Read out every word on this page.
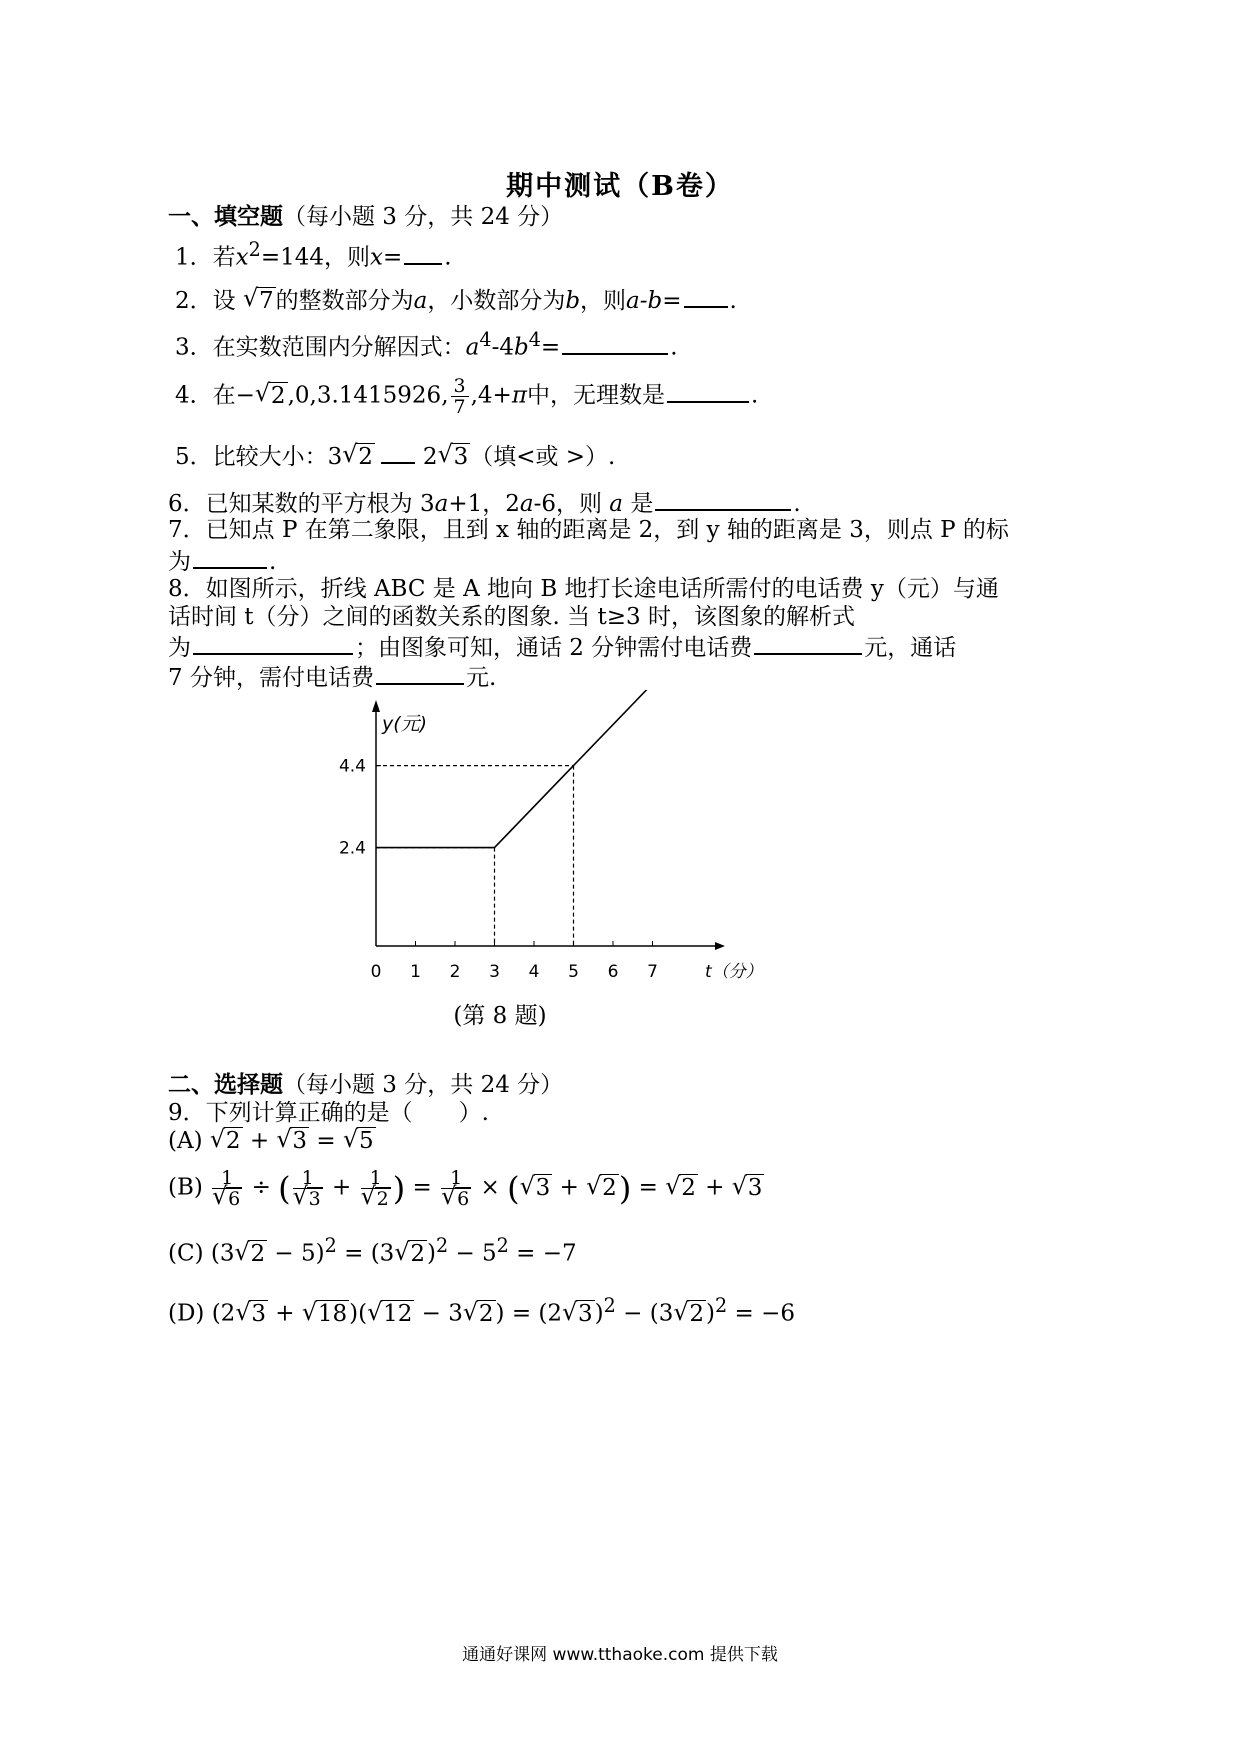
期中测试（B卷）
一、填空题（每小题 3 分，共 24 分）
1．若$x^2=144$，则x= .
2．设 √ 7的整数部分为a，小数部分为b，则a-b= .
3．在实数范围内分解因式：$a^4-4b^4=$	.
4．在− √ 2,0,3.1415926, $\frac{3}{7} ,4+\pi$中，无理数是	.
5．比较大小：3 √ 2 2 √ 3（填<或 >）.
6．已知某数的平方根为 3a+1，2a-6，则 a 是	.
7．已知点 P 在第二象限，且到 x 轴的距离是 2，到 y 轴的距离是 3，则点 P 的标
为	.
8．如图所示，折线 ABC 是 A 地向 B 地打长途电话所需付的电话费 y（元）与通
话时间 t（分）之间的函数关系的图象. 当 t≥3 时，该图象的解析式
为	；由图象可知，通话 2 分钟需付电话费	元，通话
7 分钟，需付电话费	元.
0 1 2 3 4 5 6 7
2.4
4.4
y(元)
t（分）
(第 8 题)
二、选择题（每小题 3 分，共 24 分）
9．下列计算正确的是（　　）.
(A) √ 2 + √ 3 = √ 5
(B) 1
√ 6 ÷ ( 1
√ 3 + 1
√ 2 ) = 1
√ 6 × ( √ 3 + √ 2) = √ 2 + √ 3
(C) (3 √ 2 − 5)$^2$ = (3 √ $2)^2 - 5^2 = -7$
(D) (2 √ 3 + √ 18)( √ 12 − 3 √ 2) = (2 √ 3)$^2$ − (3 √ 2)$^2$ = −6
通通好课网 www.tthaoke.com 提供下载
